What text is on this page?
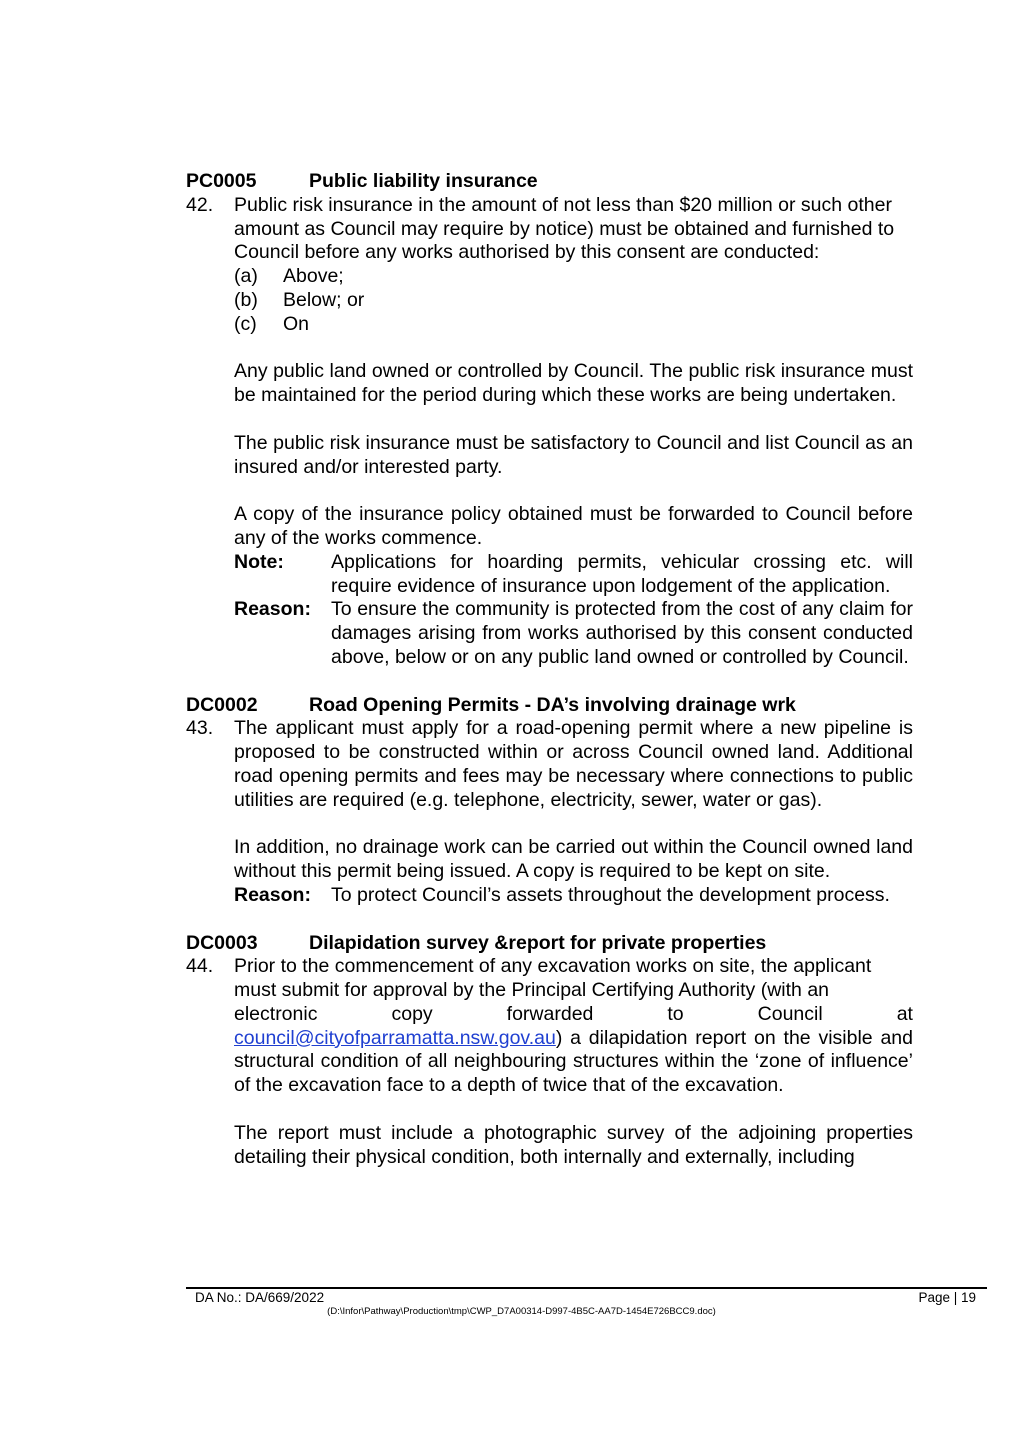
PC0005	Public liability insurance
42.	Public risk insurance in the amount of not less than $20 million or such other amount as Council may require by notice) must be obtained and furnished to Council before any works authorised by this consent are conducted:

(a)	Above;
(b)	Below; or
(c)	On

Any public land owned or controlled by Council. The public risk insurance must be maintained for the period during which these works are being undertaken.

The public risk insurance must be satisfactory to Council and list Council as an insured and/or interested party.

A copy of the insurance policy obtained must be forwarded to Council before any of the works commence.

Note:	Applications for hoarding permits, vehicular crossing etc. will require evidence of insurance upon lodgement of the application.
Reason:	To ensure the community is protected from the cost of any claim for damages arising from works authorised by this consent conducted above, below or on any public land owned or controlled by Council.
DC0002	Road Opening Permits - DA’s involving drainage wrk
43.	The applicant must apply for a road-opening permit where a new pipeline is proposed to be constructed within or across Council owned land. Additional road opening permits and fees may be necessary where connections to public utilities are required (e.g. telephone, electricity, sewer, water or gas).

In addition, no drainage work can be carried out within the Council owned land without this permit being issued. A copy is required to be kept on site.

Reason:	To protect Council’s assets throughout the development process.
DC0003	Dilapidation survey &report for private properties
44.	Prior to the commencement of any excavation works on site, the applicant

must submit for approval by the Principal Certifying Authority (with an

electronic	copy	forwarded	to	Council	at

council@cityofparramatta.nsw.gov.au) a dilapidation report on the visible and structural condition of all neighbouring structures within the ‘zone of influence’ of the excavation face to a depth of twice that of the excavation.

The report must include a photographic survey of the adjoining properties detailing their physical condition, both internally and externally, including

DA No.: DA/669/2022	Page | 19
(D:\Infor\Pathway\Production\tmp\CWP_D7A00314-D997-4B5C-AA7D-1454E726BCC9.doc)
